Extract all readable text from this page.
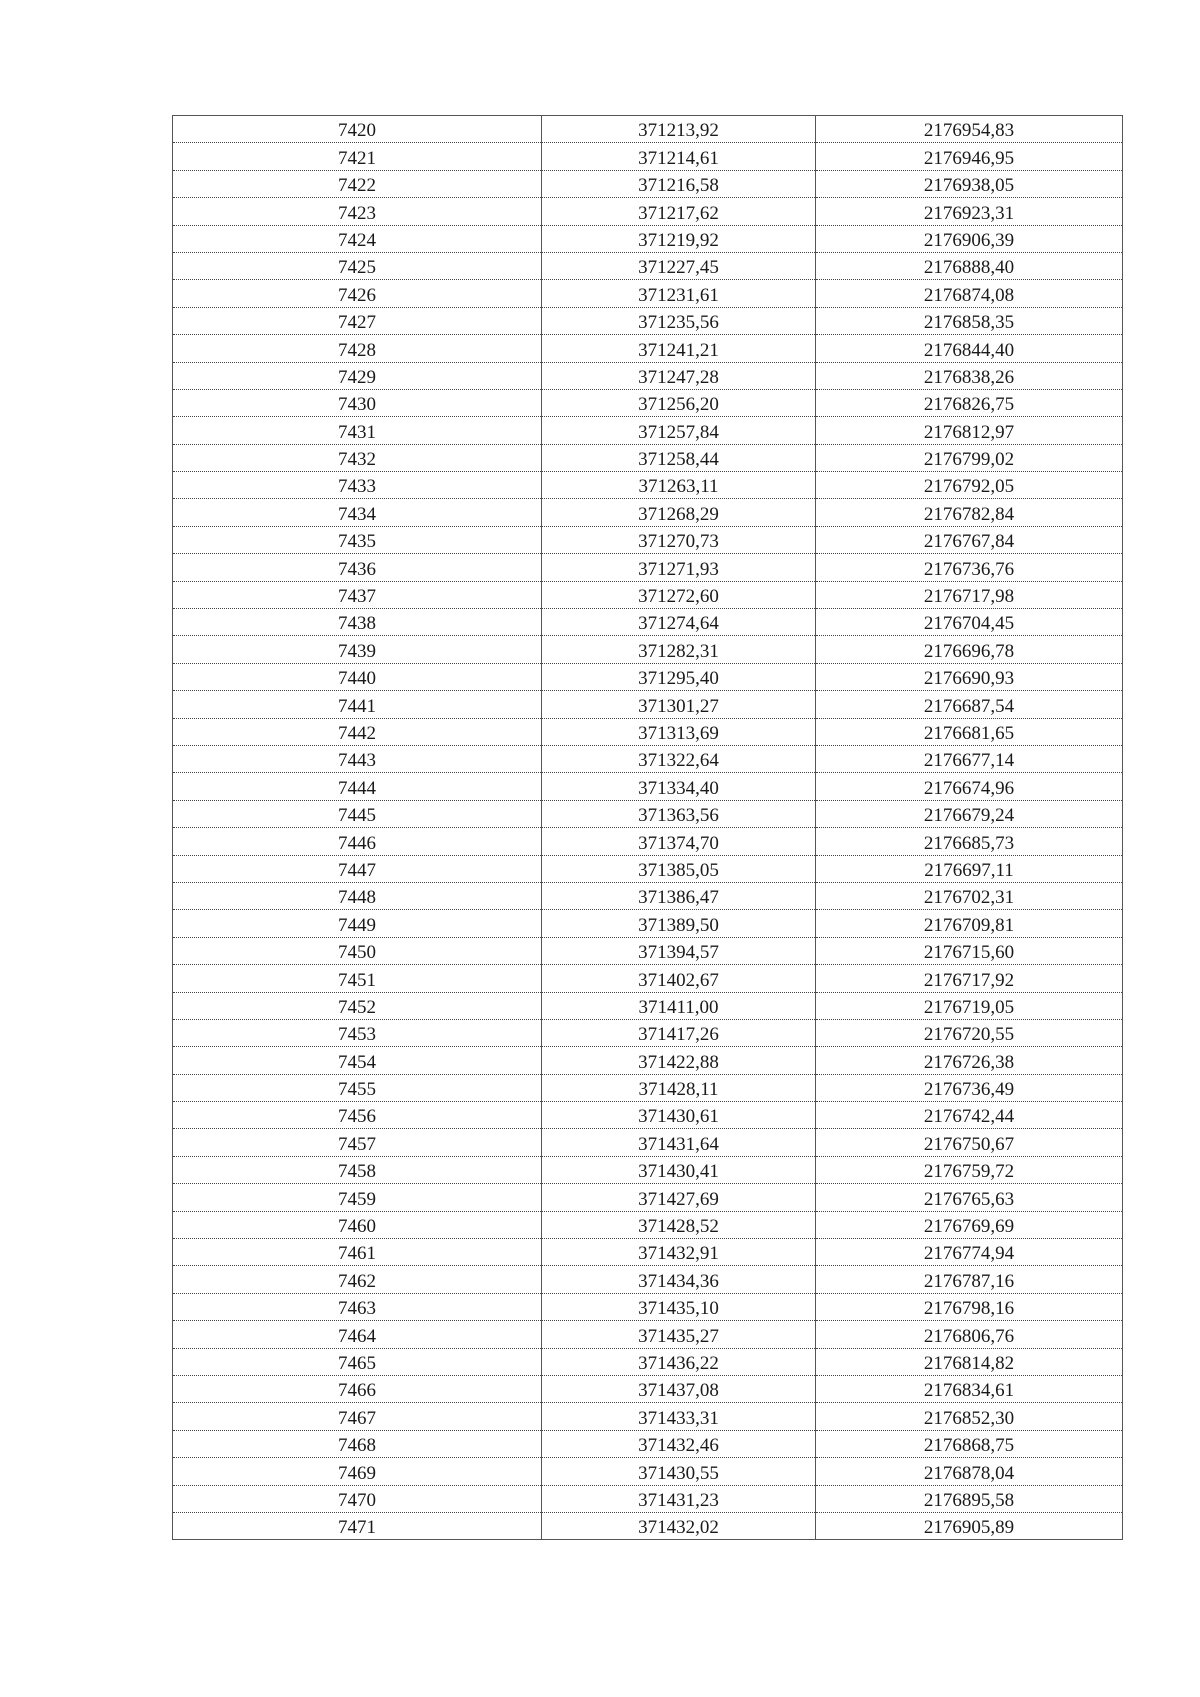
7420	371213,92	2176954,83
7421	371214,61	2176946,95
7422	371216,58	2176938,05
7423	371217,62	2176923,31
7424	371219,92	2176906,39
7425	371227,45	2176888,40
7426	371231,61	2176874,08
7427	371235,56	2176858,35
7428	371241,21	2176844,40
7429	371247,28	2176838,26
7430	371256,20	2176826,75
7431	371257,84	2176812,97
7432	371258,44	2176799,02
7433	371263,11	2176792,05
7434	371268,29	2176782,84
7435	371270,73	2176767,84
7436	371271,93	2176736,76
7437	371272,60	2176717,98
7438	371274,64	2176704,45
7439	371282,31	2176696,78
7440	371295,40	2176690,93
7441	371301,27	2176687,54
7442	371313,69	2176681,65
7443	371322,64	2176677,14
7444	371334,40	2176674,96
7445	371363,56	2176679,24
7446	371374,70	2176685,73
7447	371385,05	2176697,11
7448	371386,47	2176702,31
7449	371389,50	2176709,81
7450	371394,57	2176715,60
7451	371402,67	2176717,92
7452	371411,00	2176719,05
7453	371417,26	2176720,55
7454	371422,88	2176726,38
7455	371428,11	2176736,49
7456	371430,61	2176742,44
7457	371431,64	2176750,67
7458	371430,41	2176759,72
7459	371427,69	2176765,63
7460	371428,52	2176769,69
7461	371432,91	2176774,94
7462	371434,36	2176787,16
7463	371435,10	2176798,16
7464	371435,27	2176806,76
7465	371436,22	2176814,82
7466	371437,08	2176834,61
7467	371433,31	2176852,30
7468	371432,46	2176868,75
7469	371430,55	2176878,04
7470	371431,23	2176895,58
7471	371432,02	2176905,89
